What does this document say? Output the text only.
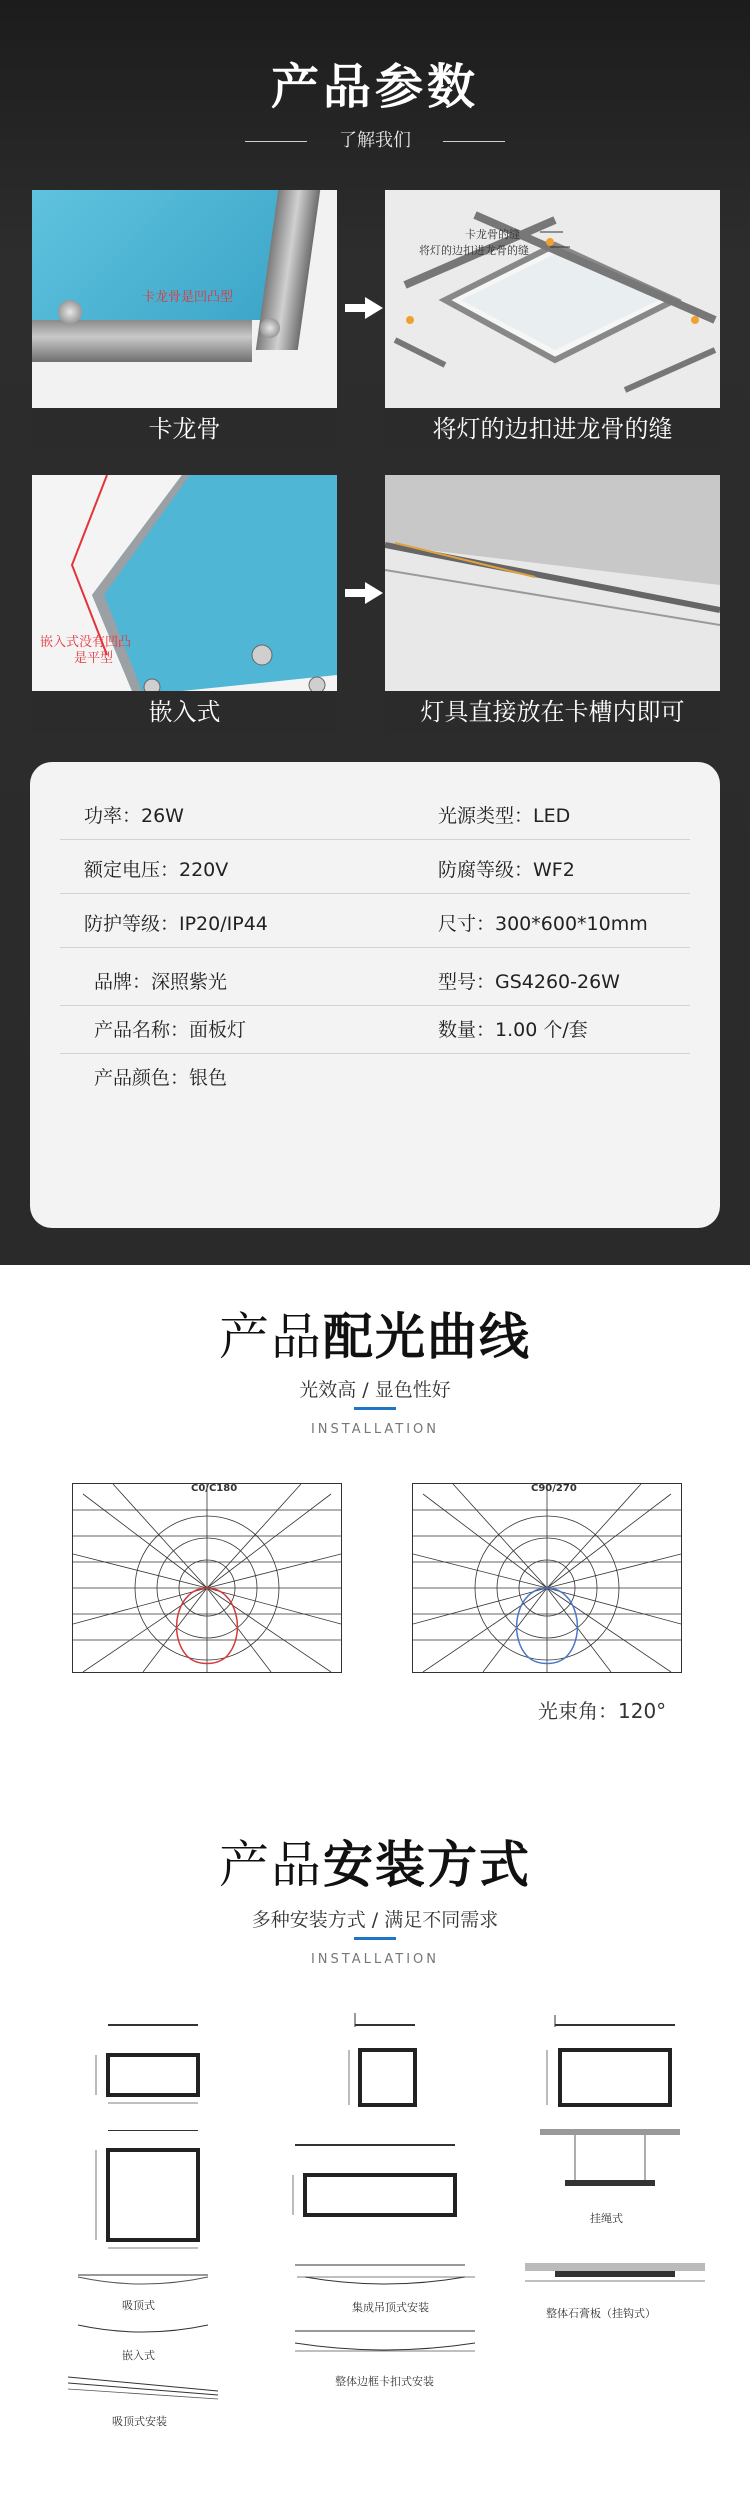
产品参数
了解我们
卡龙骨是凹凸型
卡龙骨
卡龙骨的缝
将灯的边扣进龙骨的缝
将灯的边扣进龙骨的缝
嵌入式没有凹凸
是平型
嵌入式	灯具直接放在卡槽内即可
功率：26W	光源类型：LED
额定电压：220V	防腐等级：WF2
防护等级：IP20/IP44	尺寸：300*600*10mm
品牌：深照紫光	型号：GS4260-26W
产品名称：面板灯	数量：1.00 个/套
产品颜色：银色
产品配光曲线
光效高 / 显色性好
INSTALLATION
C0/C180	C90/270
光束角：120°
产品安装方式
多种安装方式 / 满足不同需求
INSTALLATION
挂绳式
吸顶式
嵌入式
吸顶式安装
集成吊顶式安装
整体边框卡扣式安装
整体石膏板（挂钩式）
